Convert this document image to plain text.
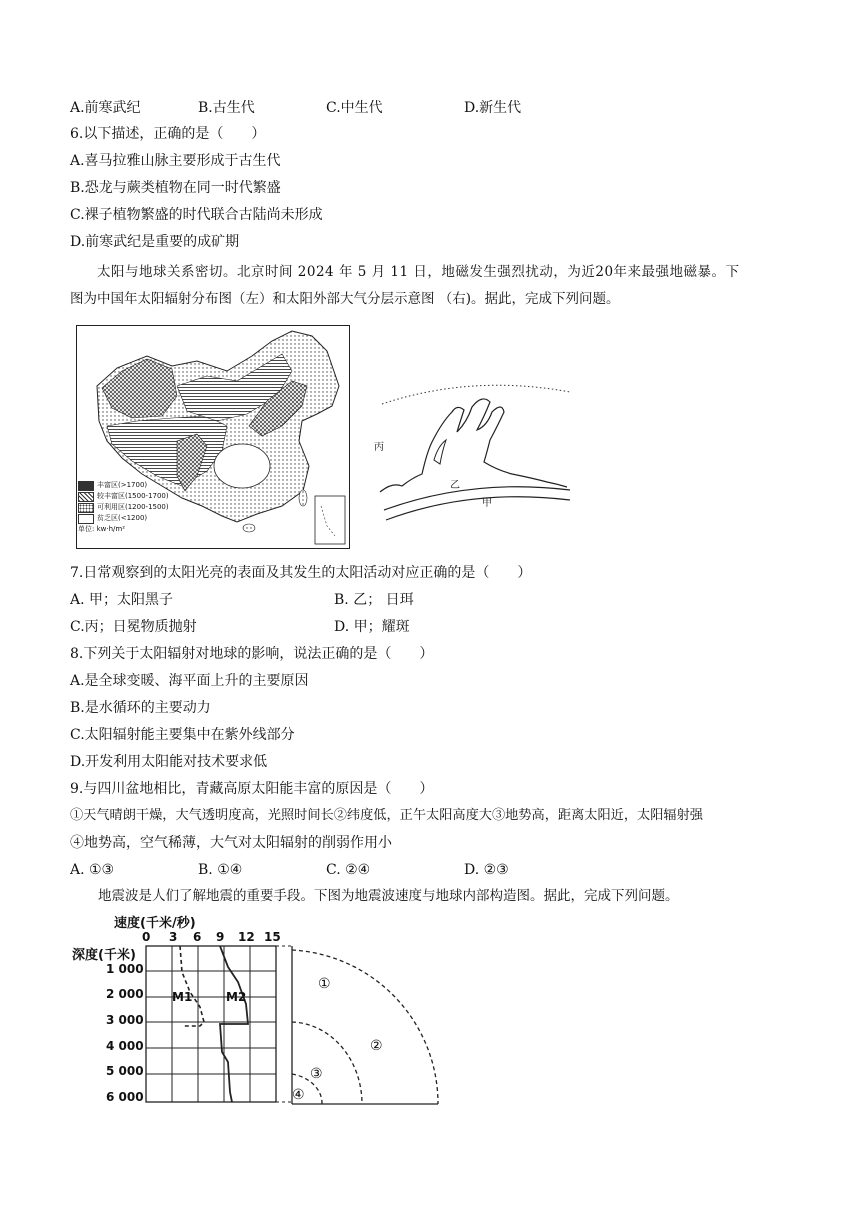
A.前寒武纪	B.古生代	C.中生代	D.新生代
6.以下描述，正确的是（　　）
A.喜马拉雅山脉主要形成于古生代
B.恐龙与蕨类植物在同一时代繁盛
C.裸子植物繁盛的时代联合古陆尚未形成
D.前寒武纪是重要的成矿期
太阳与地球关系密切。北京时间 2024 年 5 月 11 日，地磁发生强烈扰动，为近20年来最强地磁暴。下
图为中国年太阳辐射分布图（左）和太阳外部大气分层示意图 （右)。据此，完成下列问题。
丰富区(>1700)
较丰富区(1500-1700)
可利用区(1200-1500)
贫乏区(<1200)
单位: kw·h/m²
丙
乙
甲
7.日常观察到的太阳光亮的表面及其发生的太阳活动对应正确的是（　　）
A. 甲；太阳黑子	B. 乙； 日珥
C.丙；日冕物质抛射	D. 甲；耀斑
8.下列关于太阳辐射对地球的影响，说法正确的是（　　）
A.是全球变暖、海平面上升的主要原因
B.是水循环的主要动力
C.太阳辐射能主要集中在紫外线部分
D.开发利用太阳能对技术要求低
9.与四川盆地相比，青藏高原太阳能丰富的原因是（　　）
①天气晴朗干燥，大气透明度高，光照时间长②纬度低，正午太阳高度大③地势高，距离太阳近，太阳辐射强
④地势高，空气稀薄，大气对太阳辐射的削弱作用小
A. ①③	B. ①④	C. ②④	D. ②③
地震波是人们了解地震的重要手段。下图为地震波速度与地球内部构造图。据此，完成下列问题。
速度(千米/秒)
深度(千米)
0 3 6 9 12 15
1 000
2 000
3 000
4 000
5 000
6 000
M1	M2
①
②
③
④
